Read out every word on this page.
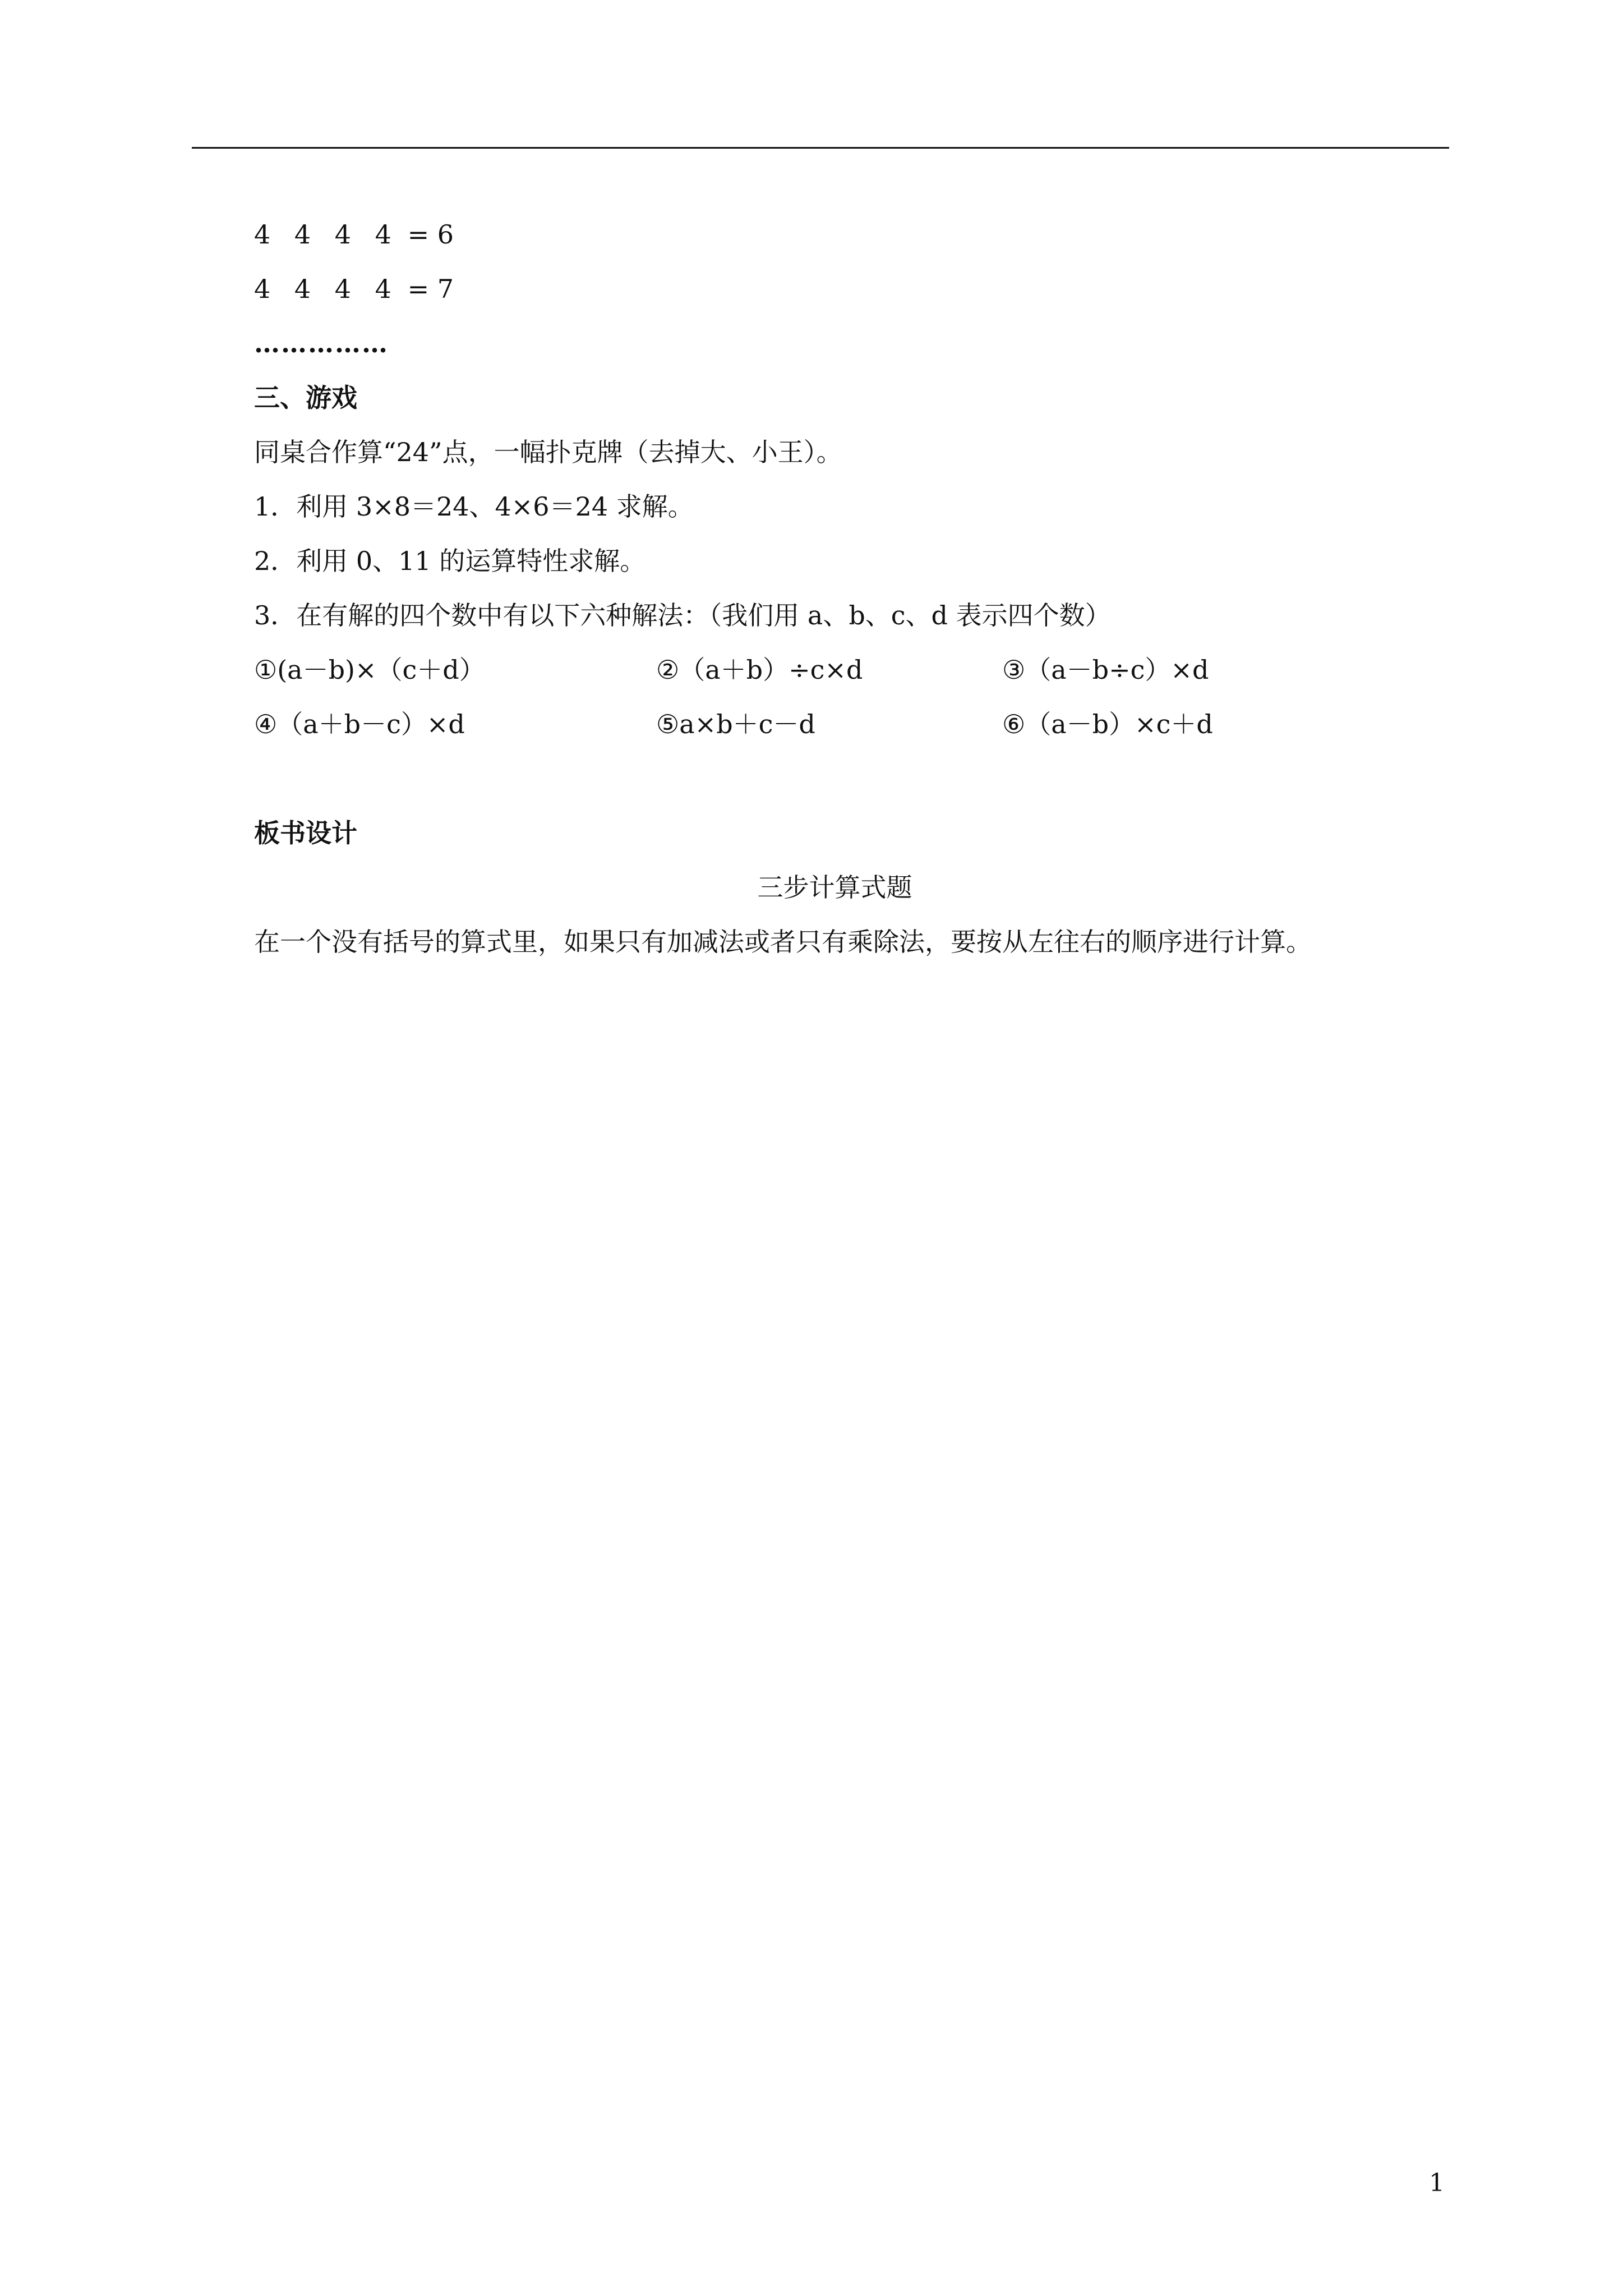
4 4 4 4 = 6
4 4 4 4 = 7
……………
三、游戏
同桌合作算“24”点，一幅扑克牌（去掉大、小王）。
1．利用 3×8＝24、4×6＝24 求解。
2．利用 0、11 的运算特性求解。
3．在有解的四个数中有以下六种解法：（我们用 a、b、c、d 表示四个数）
①(a－b)×（c＋d）	②（a＋b）÷c×d	③（a－b÷c）×d
④（a＋b－c）×d	⑤a×b＋c－d	⑥（a－b）×c＋d
板书设计
三步计算式题
在一个没有括号的算式里，如果只有加减法或者只有乘除法，要按从左往右的顺序进行计算。
1
